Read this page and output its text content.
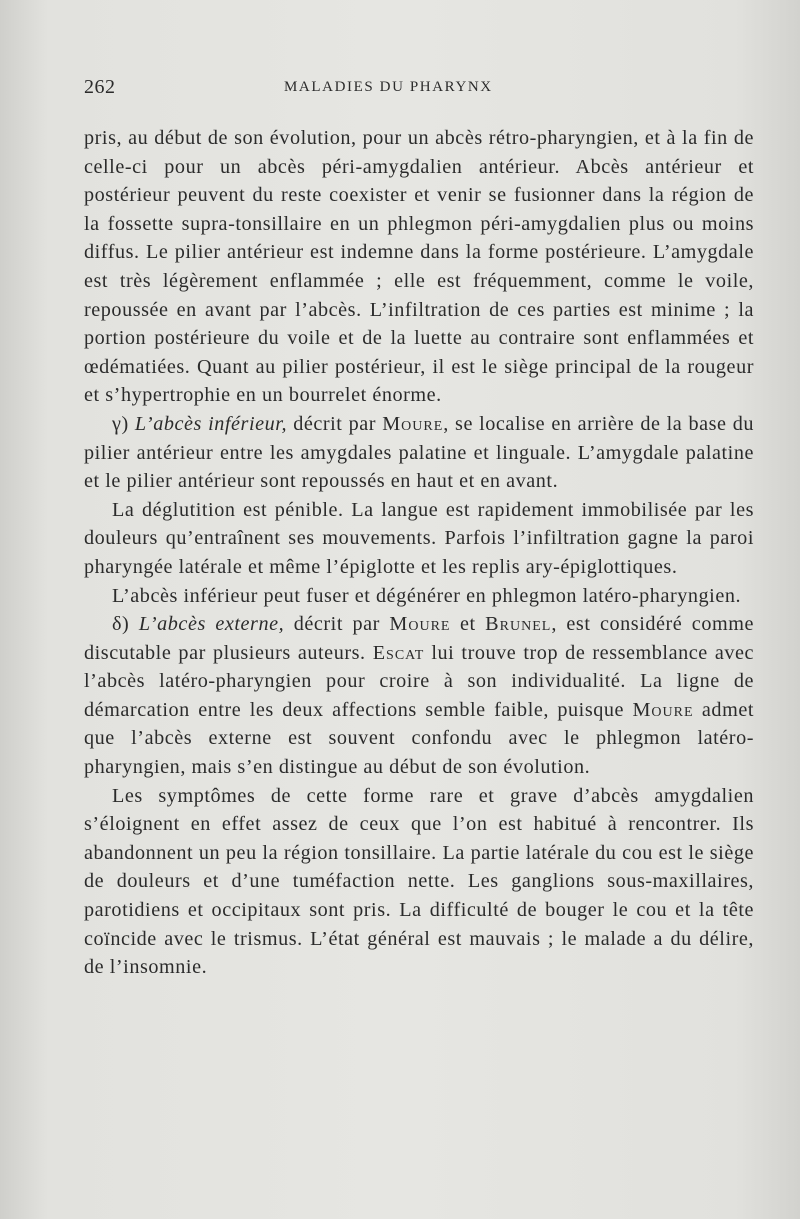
262	MALADIES DU PHARYNX

pris, au début de son évolution, pour un abcès rétro-pharyngien, et à la fin de celle-ci pour un abcès péri-amygdalien antérieur. Abcès antérieur et postérieur peuvent du reste coexister et venir se fusionner dans la région de la fossette supra-tonsillaire en un phlegmon péri-amygdalien plus ou moins diffus. Le pilier antérieur est indemne dans la forme postérieure. L’amygdale est très légèrement enflammée ; elle est fréquemment, comme le voile, repoussée en avant par l’abcès. L’infiltration de ces parties est minime ; la portion postérieure du voile et de la luette au contraire sont enflammées et œdématiées. Quant au pilier postérieur, il est le siège principal de la rougeur et s’hypertrophie en un bourrelet énorme.

γ) L’abcès inférieur, décrit par Moure, se localise en arrière de la base du pilier antérieur entre les amygdales palatine et linguale. L’amygdale palatine et le pilier antérieur sont repoussés en haut et en avant.

La déglutition est pénible. La langue est rapidement immobilisée par les douleurs qu’entraînent ses mouvements. Parfois l’infiltration gagne la paroi pharyngée latérale et même l’épiglotte et les replis ary-épiglottiques.

L’abcès inférieur peut fuser et dégénérer en phlegmon latéro-pharyngien.

δ) L’abcès externe, décrit par Moure et Brunel, est considéré comme discutable par plusieurs auteurs. Escat lui trouve trop de ressemblance avec l’abcès latéro-pharyngien pour croire à son individualité. La ligne de démarcation entre les deux affections semble faible, puisque Moure admet que l’abcès externe est souvent confondu avec le phlegmon latéro-pharyngien, mais s’en distingue au début de son évolution.

Les symptômes de cette forme rare et grave d’abcès amygdalien s’éloignent en effet assez de ceux que l’on est habitué à rencontrer. Ils abandonnent un peu la région tonsillaire. La partie latérale du cou est le siège de douleurs et d’une tuméfaction nette. Les ganglions sous-maxillaires, parotidiens et occipitaux sont pris. La difficulté de bouger le cou et la tête coïncide avec le trismus. L’état général est mauvais ; le malade a du délire, de l’insomnie.
